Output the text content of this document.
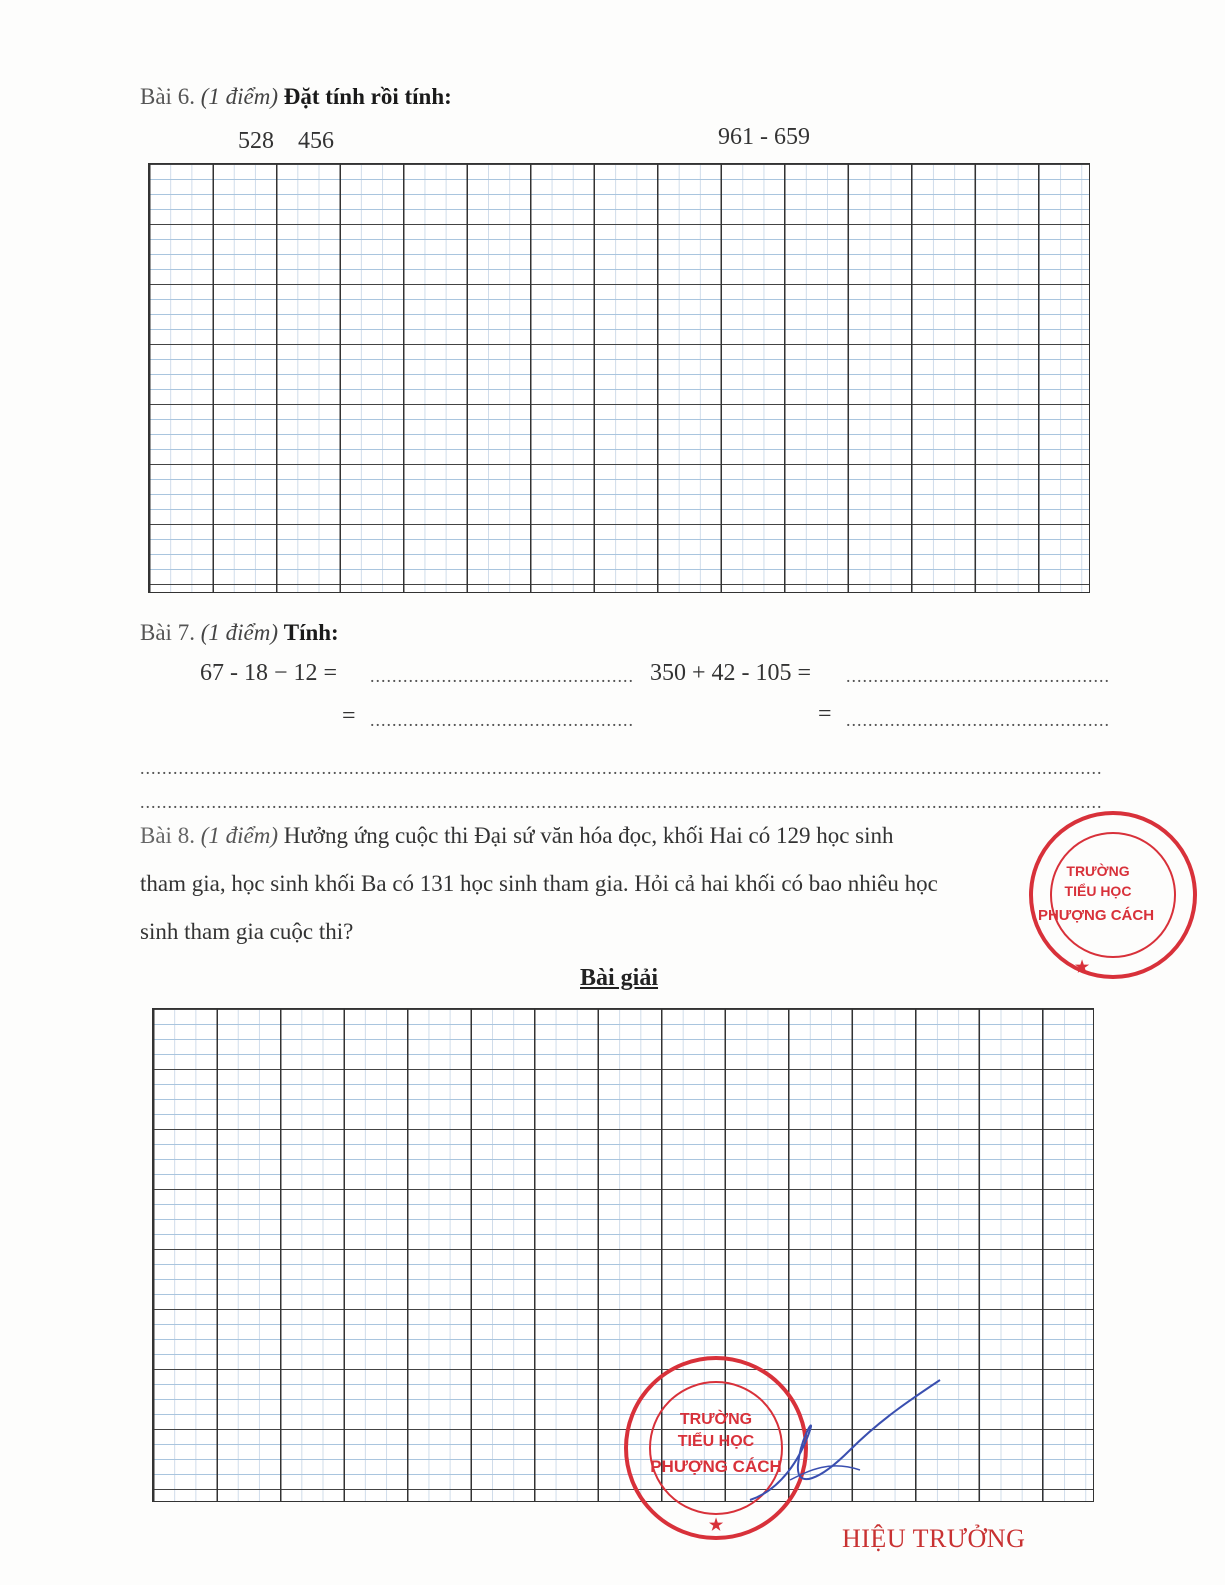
Bài 6. (1 điểm) Đặt tính rồi tính:
528 456	961 - 659
Bài 7. (1 điểm) Tính:
67 - 18 − 12 = ................................................ 350 + 42 - 105 = ................................................
= ................................................	= ................................................
...............................................................................................................................................................................
...............................................................................................................................................................................
Bài 8. (1 điểm) Hưởng ứng cuộc thi Đại sứ văn hóa đọc, khối Hai có 129 học sinh
tham gia, học sinh khối Ba có 131 học sinh tham gia. Hỏi cả hai khối có bao nhiêu học
sinh tham gia cuộc thi?
Bài giải
TRƯỜNG
TIỂU HỌC
PHƯỢNG CÁCH
★
TRƯỜNG
TIỂU HỌC
PHƯỢNG CÁCH
★	HIỆU TRƯỞNG
